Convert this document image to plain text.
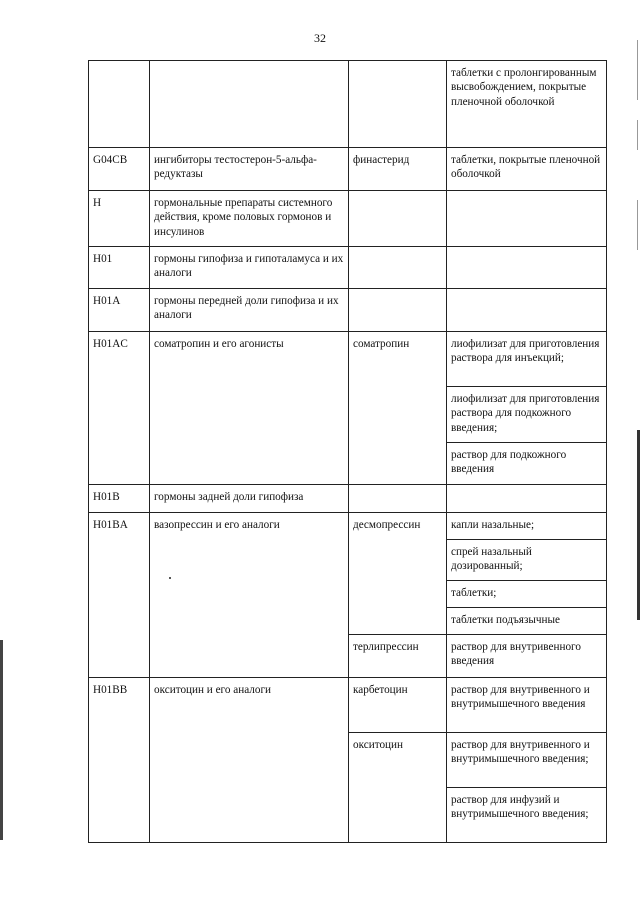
32
			таблетки с пролонгированным высвобождением, покрытые пленочной оболочкой
G04CB	ингибиторы тестостерон-5-альфа-редуктазы	финастерид	таблетки, покрытые пленочной оболочкой
H	гормональные препараты системного действия, кроме половых гормонов и инсулинов		
H01	гормоны гипофиза и гипоталамуса и их аналоги		
H01A	гормоны передней доли гипофиза и их аналоги		
H01AC	соматропин и его агонисты	соматропин	лиофилизат для приготовления раствора для инъекций;
			лиофилизат для приготовления раствора для подкожного введения;
			раствор для подкожного введения
H01B	гормоны задней доли гипофиза		
H01BA	вазопрессин и его аналоги	десмопрессин	капли назальные;
			спрей назальный дозированный;
			таблетки;
			таблетки подъязычные
		терлипрессин	раствор для внутривенного введения
H01BB	окситоцин и его аналоги	карбетоцин	раствор для внутривенного и внутримышечного введения
		окситоцин	раствор для внутривенного и внутримышечного введения;
			раствор для инфузий и внутримышечного введения;
